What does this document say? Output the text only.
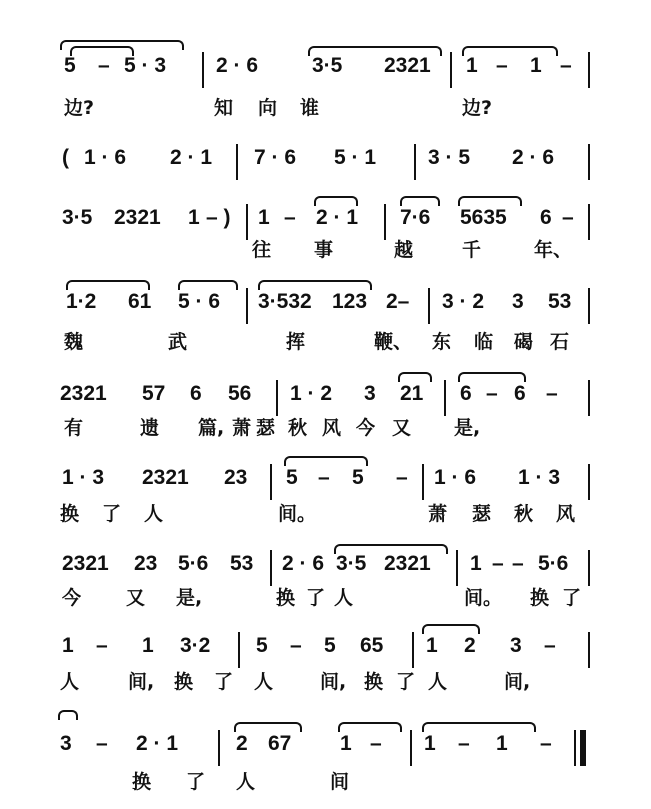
5 – 5 · 3 2 · 6	3·5 2321 1 – 1 –
边?	知 向 谁	边?
( 1 · 6 2 · 1 7 · 6 5 · 1 3 · 5 2 · 6
3·5 2321 1 – ) 1 – 2 · 1 7·6 5635 6 –
往 事	越	千	年、
1·2 61 5 · 6 3·532 123 2– 3 · 2 3 53
魏	武	挥	鞭、 东 临 碣 石
2321 57 6 56 1 · 2 3 21 6 – 6 –
有	遗 篇, 萧 瑟 秋 风 今 又 是,
1 · 3 2321 23 5 – 5 – 1 · 6 1 · 3
换 了 人	间。	萧 瑟 秋 风
2321 23 5·6 53 2 · 6 3·5 2321 1 – – 5·6
今 又 是,	换 了 人	间。 换 了
1 – 1 3·2 5 – 5 65 1 2 3 –
人	间, 换 了 人 间, 换 了 人	间,
3 – 2 · 1	2 67 1 – 1 – 1 –
换 了 人	间
